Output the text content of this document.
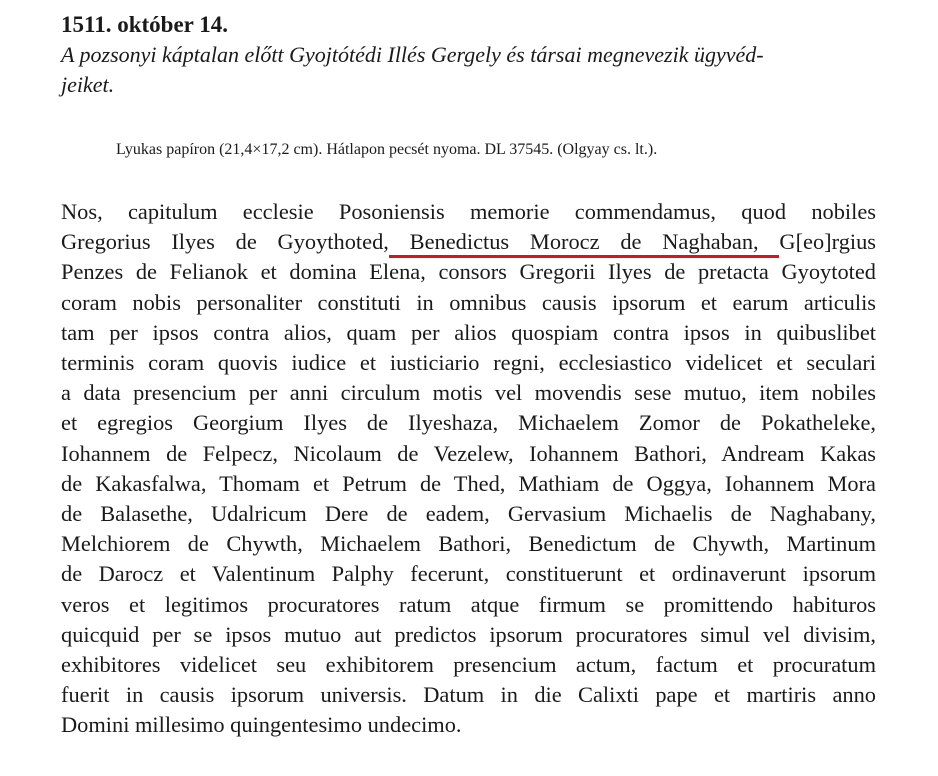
1511. október 14.

A pozsonyi káptalan előtt Gyojtótédi Illés Gergely és társai megnevezik ügyvéd-
jeiket.

Lyukas papíron (21,4×17,2 cm). Hátlapon pecsét nyoma. DL 37545. (Olgyay cs. lt.).

Nos, capitulum ecclesie Posoniensis memorie commendamus, quod nobiles
Gregorius Ilyes de Gyoythoted, Benedictus Morocz de Naghaban, G[eo]rgius
Penzes de Felianok et domina Elena, consors Gregorii Ilyes de pretacta Gyoytoted
coram nobis personaliter constituti in omnibus causis ipsorum et earum articulis
tam per ipsos contra alios, quam per alios quospiam contra ipsos in quibuslibet
terminis coram quovis iudice et iusticiario regni, ecclesiastico videlicet et seculari
a data presencium per anni circulum motis vel movendis sese mutuo, item nobiles
et egregios Georgium Ilyes de Ilyeshaza, Michaelem Zomor de Pokatheleke,
Iohannem de Felpecz, Nicolaum de Vezelew, Iohannem Bathori, Andream Kakas
de Kakasfalwa, Thomam et Petrum de Thed, Mathiam de Oggya, Iohannem Mora
de Balasethe, Udalricum Dere de eadem, Gervasium Michaelis de Naghabany,
Melchiorem de Chywth, Michaelem Bathori, Benedictum de Chywth, Martinum
de Darocz et Valentinum Palphy fecerunt, constituerunt et ordinaverunt ipsorum
veros et legitimos procuratores ratum atque firmum se promittendo habituros
quicquid per se ipsos mutuo aut predictos ipsorum procuratores simul vel divisim,
exhibitores videlicet seu exhibitorem presencium actum, factum et procuratum
fuerit in causis ipsorum universis. Datum in die Calixti pape et martiris anno
Domini millesimo quingentesimo undecimo.
